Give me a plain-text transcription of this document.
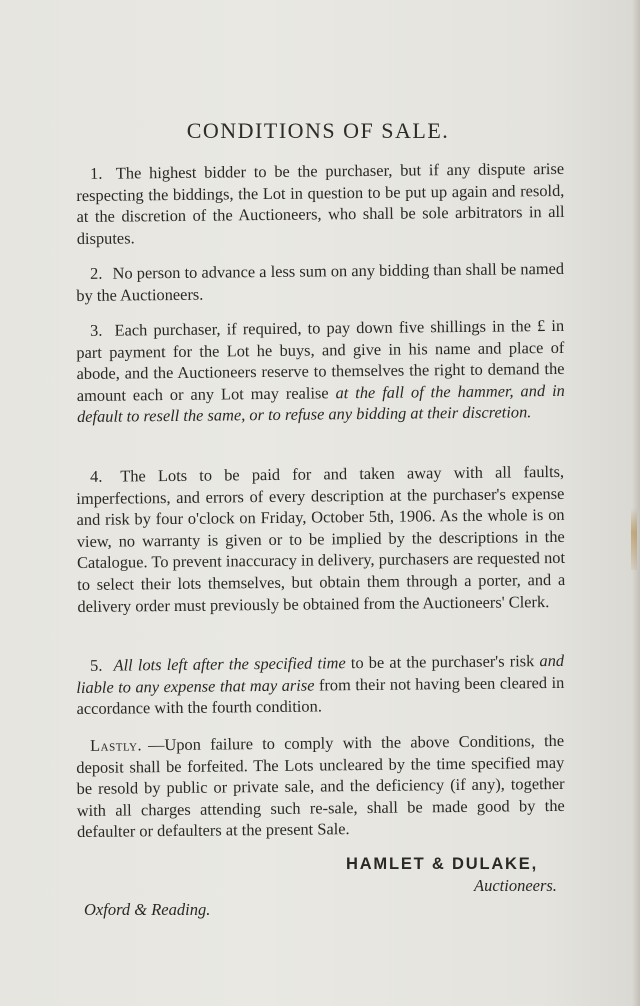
CONDITIONS OF SALE.
1. The highest bidder to be the purchaser, but if any dispute arise respecting the biddings, the Lot in question to be put up again and resold, at the discretion of the Auctioneers, who shall be sole arbitrators in all disputes.
2. No person to advance a less sum on any bidding than shall be named by the Auctioneers.
3. Each purchaser, if required, to pay down five shillings in the £ in part payment for the Lot he buys, and give in his name and place of abode, and the Auctioneers reserve to themselves the right to demand the amount each or any Lot may realise at the fall of the hammer, and in default to resell the same, or to refuse any bidding at their discretion.
4. The Lots to be paid for and taken away with all faults, imperfections, and errors of every description at the purchaser's expense and risk by four o'clock on Friday, October 5th, 1906. As the whole is on view, no warranty is given or to be implied by the descriptions in the Catalogue. To prevent inaccuracy in delivery, purchasers are requested not to select their lots themselves, but obtain them through a porter, and a delivery order must previously be obtained from the Auctioneers' Clerk.
5. All lots left after the specified time to be at the purchaser's risk and liable to any expense that may arise from their not having been cleared in accordance with the fourth condition.
Lastly. —Upon failure to comply with the above Conditions, the deposit shall be forfeited. The Lots uncleared by the time specified may be resold by public or private sale, and the deficiency (if any), together with all charges attending such re-sale, shall be made good by the defaulter or defaulters at the present Sale.
HAMLET & DULAKE,
Auctioneers.
Oxford & Reading.
